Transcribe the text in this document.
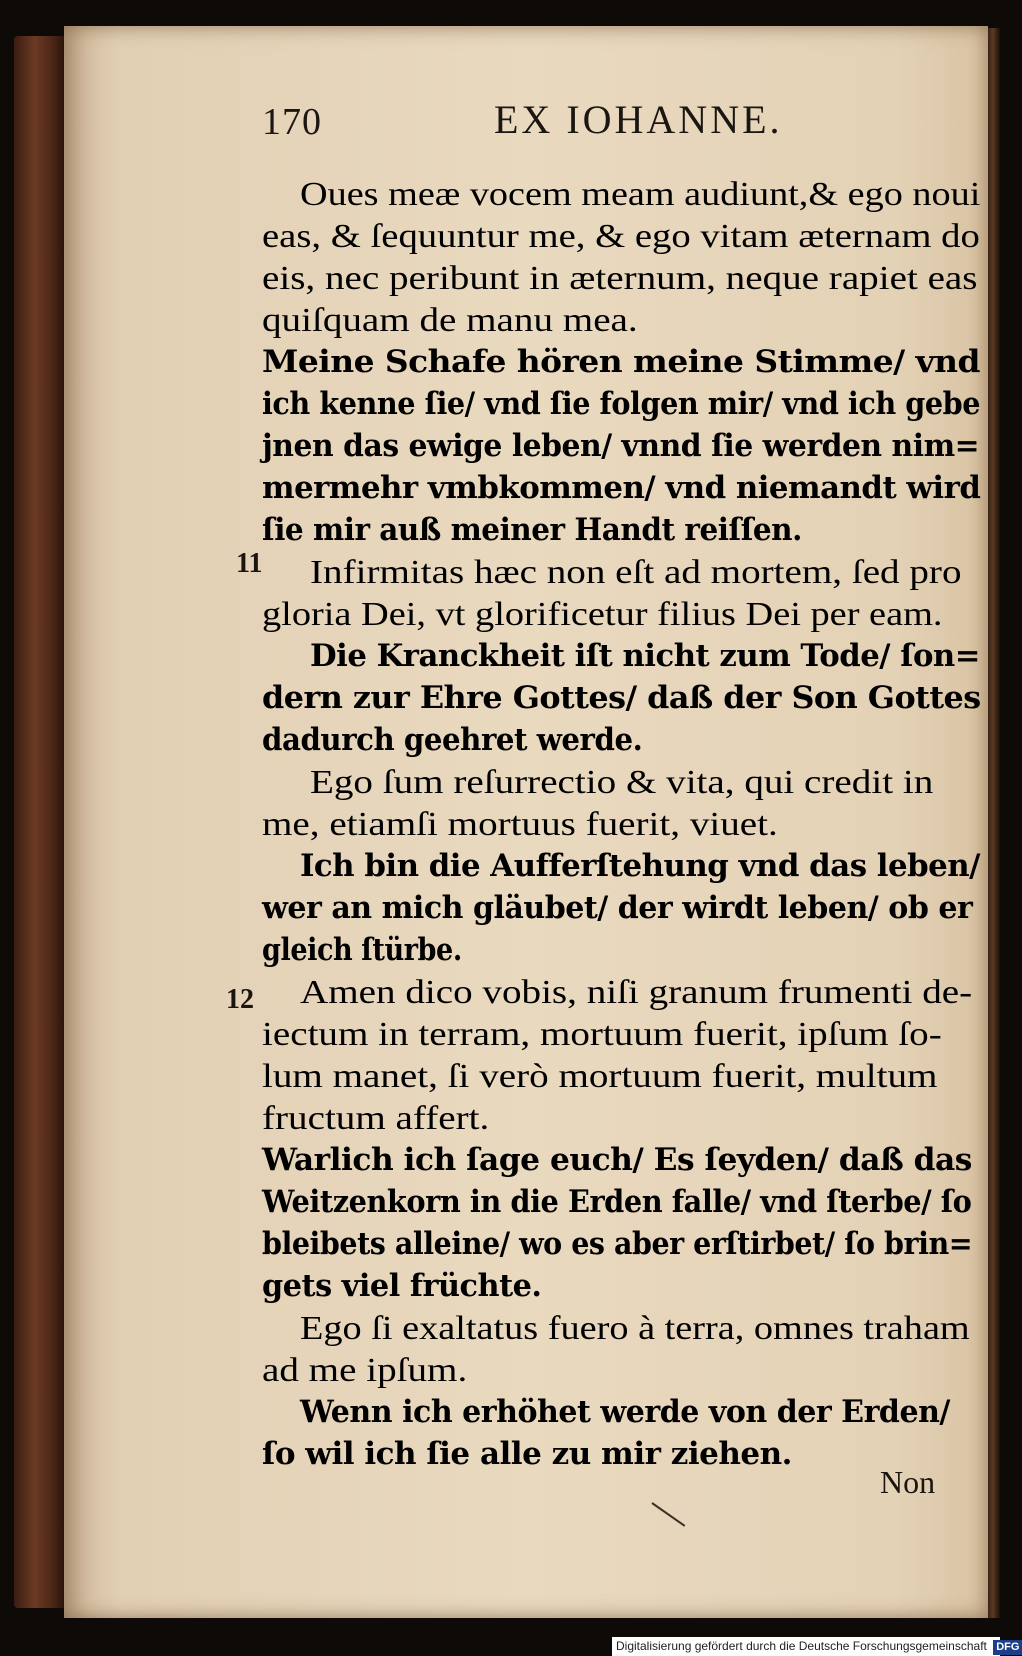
170	EX IOHANNE.
11
12
Oues meæ vocem meam audiunt,& ego noui
eas, & ſequuntur me, & ego vitam æternam do
eis, nec peribunt in æternum, neque rapiet eas
quiſquam de manu mea.
Meine Schafe hören meine Stimme/ vnd
ich kenne ſie/ vnd ſie folgen mir/ vnd ich gebe
jnen das ewige leben/ vnnd ſie werden nim=
mermehr vmbkommen/ vnd niemandt wird
ſie mir auß meiner Handt reiſſen.
Infirmitas hæc non eſt ad mortem, ſed pro
gloria Dei, vt glorificetur filius Dei per eam.
Die Kranckheit iſt nicht zum Tode/ ſon=
dern zur Ehre Gottes/ daß der Son Gottes
dadurch geehret werde.
Ego ſum reſurrectio & vita, qui credit in
me, etiamſi mortuus fuerit, viuet.
Ich bin die Aufferſtehung vnd das leben/
wer an mich gläubet/ der wirdt leben/ ob er
gleich ſtürbe.
Amen dico vobis, niſi granum frumenti de-
iectum in terram, mortuum fuerit, ipſum ſo-
lum manet, ſi verò mortuum fuerit, multum
fructum affert.
Warlich ich ſage euch/ Es ſeyden/ daß das
Weitzenkorn in die Erden falle/ vnd ſterbe/ ſo
bleibets alleine/ wo es aber erſtirbet/ ſo brin=
gets viel früchte.
Ego ſi exaltatus fuero à terra, omnes traham
ad me ipſum.
Wenn ich erhöhet werde von der Erden/
ſo wil ich ſie alle zu mir ziehen.
Non
Digitalisierung gefördert durch die Deutsche Forschungsgemeinschaft DFG
